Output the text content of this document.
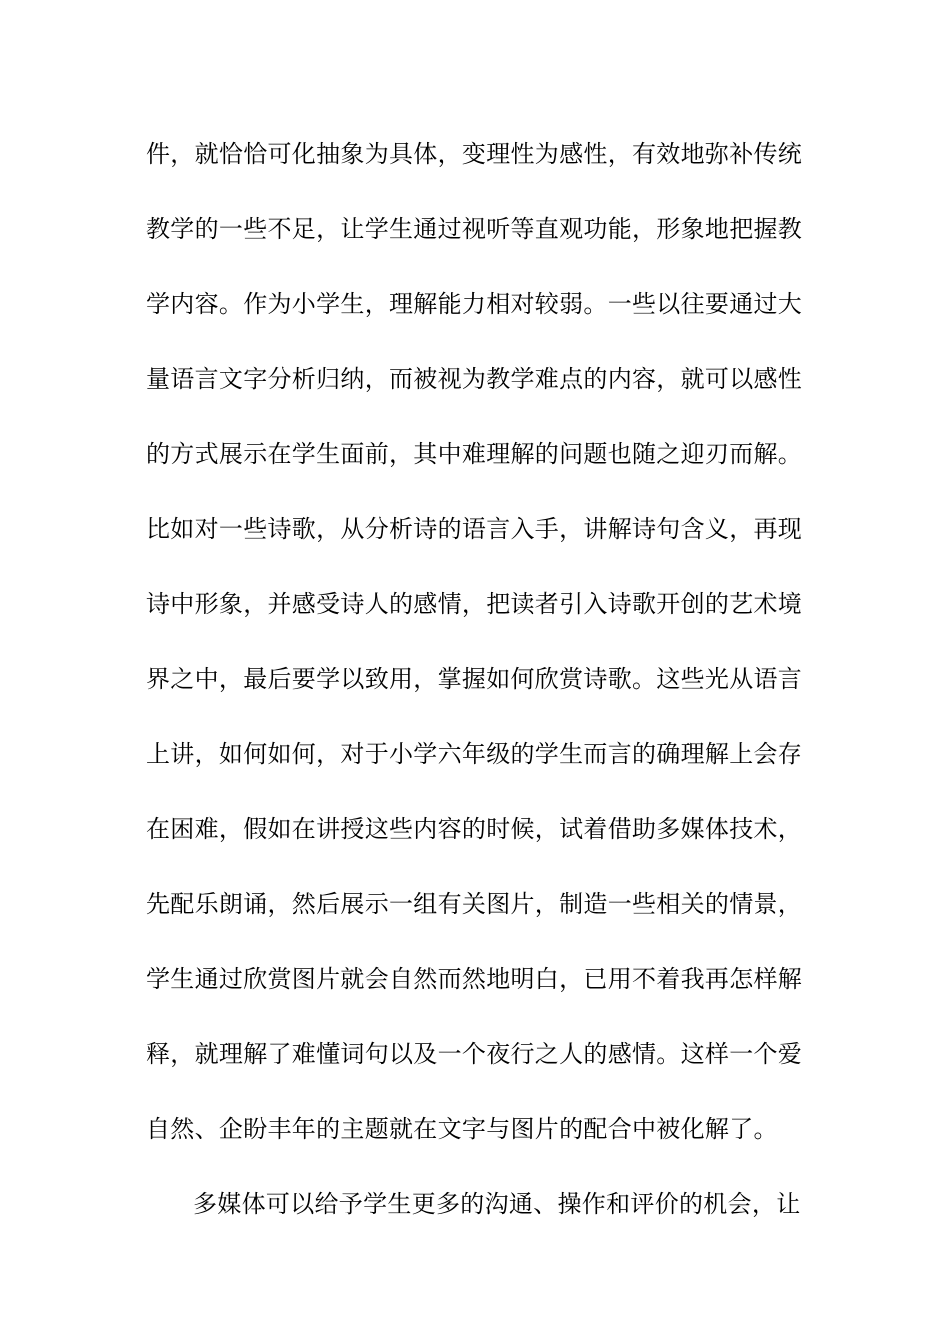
件，就恰恰可化抽象为具体，变理性为感性，有效地弥补传统
教学的一些不足，让学生通过视听等直观功能，形象地把握教
学内容。作为小学生，理解能力相对较弱。一些以往要通过大
量语言文字分析归纳，而被视为教学难点的内容，就可以感性
的方式展示在学生面前，其中难理解的问题也随之迎刃而解。
比如对一些诗歌，从分析诗的语言入手，讲解诗句含义，再现
诗中形象，并感受诗人的感情，把读者引入诗歌开创的艺术境
界之中，最后要学以致用，掌握如何欣赏诗歌。这些光从语言
上讲，如何如何，对于小学六年级的学生而言的确理解上会存
在困难，假如在讲授这些内容的时候，试着借助多媒体技术，
先配乐朗诵，然后展示一组有关图片，制造一些相关的情景，
学生通过欣赏图片就会自然而然地明白，已用不着我再怎样解
释，就理解了难懂词句以及一个夜行之人的感情。这样一个爱
自然、企盼丰年的主题就在文字与图片的配合中被化解了。
多媒体可以给予学生更多的沟通、操作和评价的机会，让
